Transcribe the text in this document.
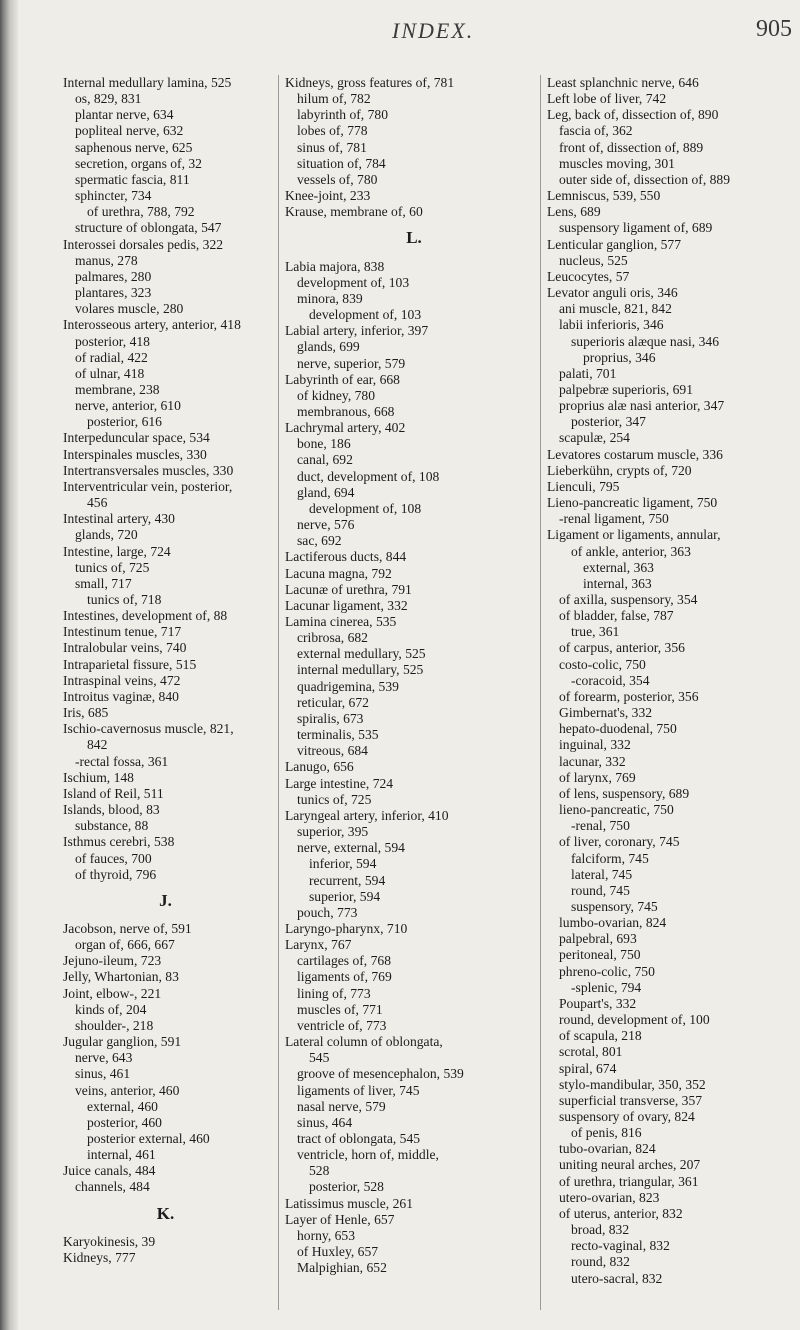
INDEX.	905
Internal medullary lamina, 525
os, 829, 831
plantar nerve, 634
popliteal nerve, 632
saphenous nerve, 625
secretion, organs of, 32
spermatic fascia, 811
sphincter, 734
of urethra, 788, 792
structure of oblongata, 547
Interossei dorsales pedis, 322
manus, 278
palmares, 280
plantares, 323
volares muscle, 280
Interosseous artery, anterior, 418
posterior, 418
of radial, 422
of ulnar, 418
membrane, 238
nerve, anterior, 610
posterior, 616
Interpeduncular space, 534
Interspinales muscles, 330
Intertransversales muscles, 330
Interventricular vein, posterior,
456
Intestinal artery, 430
glands, 720
Intestine, large, 724
tunics of, 725
small, 717
tunics of, 718
Intestines, development of, 88
Intestinum tenue, 717
Intralobular veins, 740
Intraparietal fissure, 515
Intraspinal veins, 472
Introitus vaginæ, 840
Iris, 685
Ischio-cavernosus muscle, 821,
842
-rectal fossa, 361
Ischium, 148
Island of Reil, 511
Islands, blood, 83
substance, 88
Isthmus cerebri, 538
of fauces, 700
of thyroid, 796
J.
Jacobson, nerve of, 591
organ of, 666, 667
Jejuno-ileum, 723
Jelly, Whartonian, 83
Joint, elbow-, 221
kinds of, 204
shoulder-, 218
Jugular ganglion, 591
nerve, 643
sinus, 461
veins, anterior, 460
external, 460
posterior, 460
posterior external, 460
internal, 461
Juice canals, 484
channels, 484
K.
Karyokinesis, 39
Kidneys, 777
Kidneys, gross features of, 781
hilum of, 782
labyrinth of, 780
lobes of, 778
sinus of, 781
situation of, 784
vessels of, 780
Knee-joint, 233
Krause, membrane of, 60
L.
Labia majora, 838
development of, 103
minora, 839
development of, 103
Labial artery, inferior, 397
glands, 699
nerve, superior, 579
Labyrinth of ear, 668
of kidney, 780
membranous, 668
Lachrymal artery, 402
bone, 186
canal, 692
duct, development of, 108
gland, 694
development of, 108
nerve, 576
sac, 692
Lactiferous ducts, 844
Lacuna magna, 792
Lacunæ of urethra, 791
Lacunar ligament, 332
Lamina cinerea, 535
cribrosa, 682
external medullary, 525
internal medullary, 525
quadrigemina, 539
reticular, 672
spiralis, 673
terminalis, 535
vitreous, 684
Lanugo, 656
Large intestine, 724
tunics of, 725
Laryngeal artery, inferior, 410
superior, 395
nerve, external, 594
inferior, 594
recurrent, 594
superior, 594
pouch, 773
Laryngo-pharynx, 710
Larynx, 767
cartilages of, 768
ligaments of, 769
lining of, 773
muscles of, 771
ventricle of, 773
Lateral column of oblongata,
545
groove of mesencephalon, 539
ligaments of liver, 745
nasal nerve, 579
sinus, 464
tract of oblongata, 545
ventricle, horn of, middle,
528
posterior, 528
Latissimus muscle, 261
Layer of Henle, 657
horny, 653
of Huxley, 657
Malpighian, 652
Least splanchnic nerve, 646
Left lobe of liver, 742
Leg, back of, dissection of, 890
fascia of, 362
front of, dissection of, 889
muscles moving, 301
outer side of, dissection of, 889
Lemniscus, 539, 550
Lens, 689
suspensory ligament of, 689
Lenticular ganglion, 577
nucleus, 525
Leucocytes, 57
Levator anguli oris, 346
ani muscle, 821, 842
labii inferioris, 346
superioris alæque nasi, 346
proprius, 346
palati, 701
palpebræ superioris, 691
proprius alæ nasi anterior, 347
posterior, 347
scapulæ, 254
Levatores costarum muscle, 336
Lieberkühn, crypts of, 720
Lienculi, 795
Lieno-pancreatic ligament, 750
-renal ligament, 750
Ligament or ligaments, annular,
of ankle, anterior, 363
external, 363
internal, 363
of axilla, suspensory, 354
of bladder, false, 787
true, 361
of carpus, anterior, 356
costo-colic, 750
-coracoid, 354
of forearm, posterior, 356
Gimbernat's, 332
hepato-duodenal, 750
inguinal, 332
lacunar, 332
of larynx, 769
of lens, suspensory, 689
lieno-pancreatic, 750
-renal, 750
of liver, coronary, 745
falciform, 745
lateral, 745
round, 745
suspensory, 745
lumbo-ovarian, 824
palpebral, 693
peritoneal, 750
phreno-colic, 750
-splenic, 794
Poupart's, 332
round, development of, 100
of scapula, 218
scrotal, 801
spiral, 674
stylo-mandibular, 350, 352
superficial transverse, 357
suspensory of ovary, 824
of penis, 816
tubo-ovarian, 824
uniting neural arches, 207
of urethra, triangular, 361
utero-ovarian, 823
of uterus, anterior, 832
broad, 832
recto-vaginal, 832
round, 832
utero-sacral, 832
